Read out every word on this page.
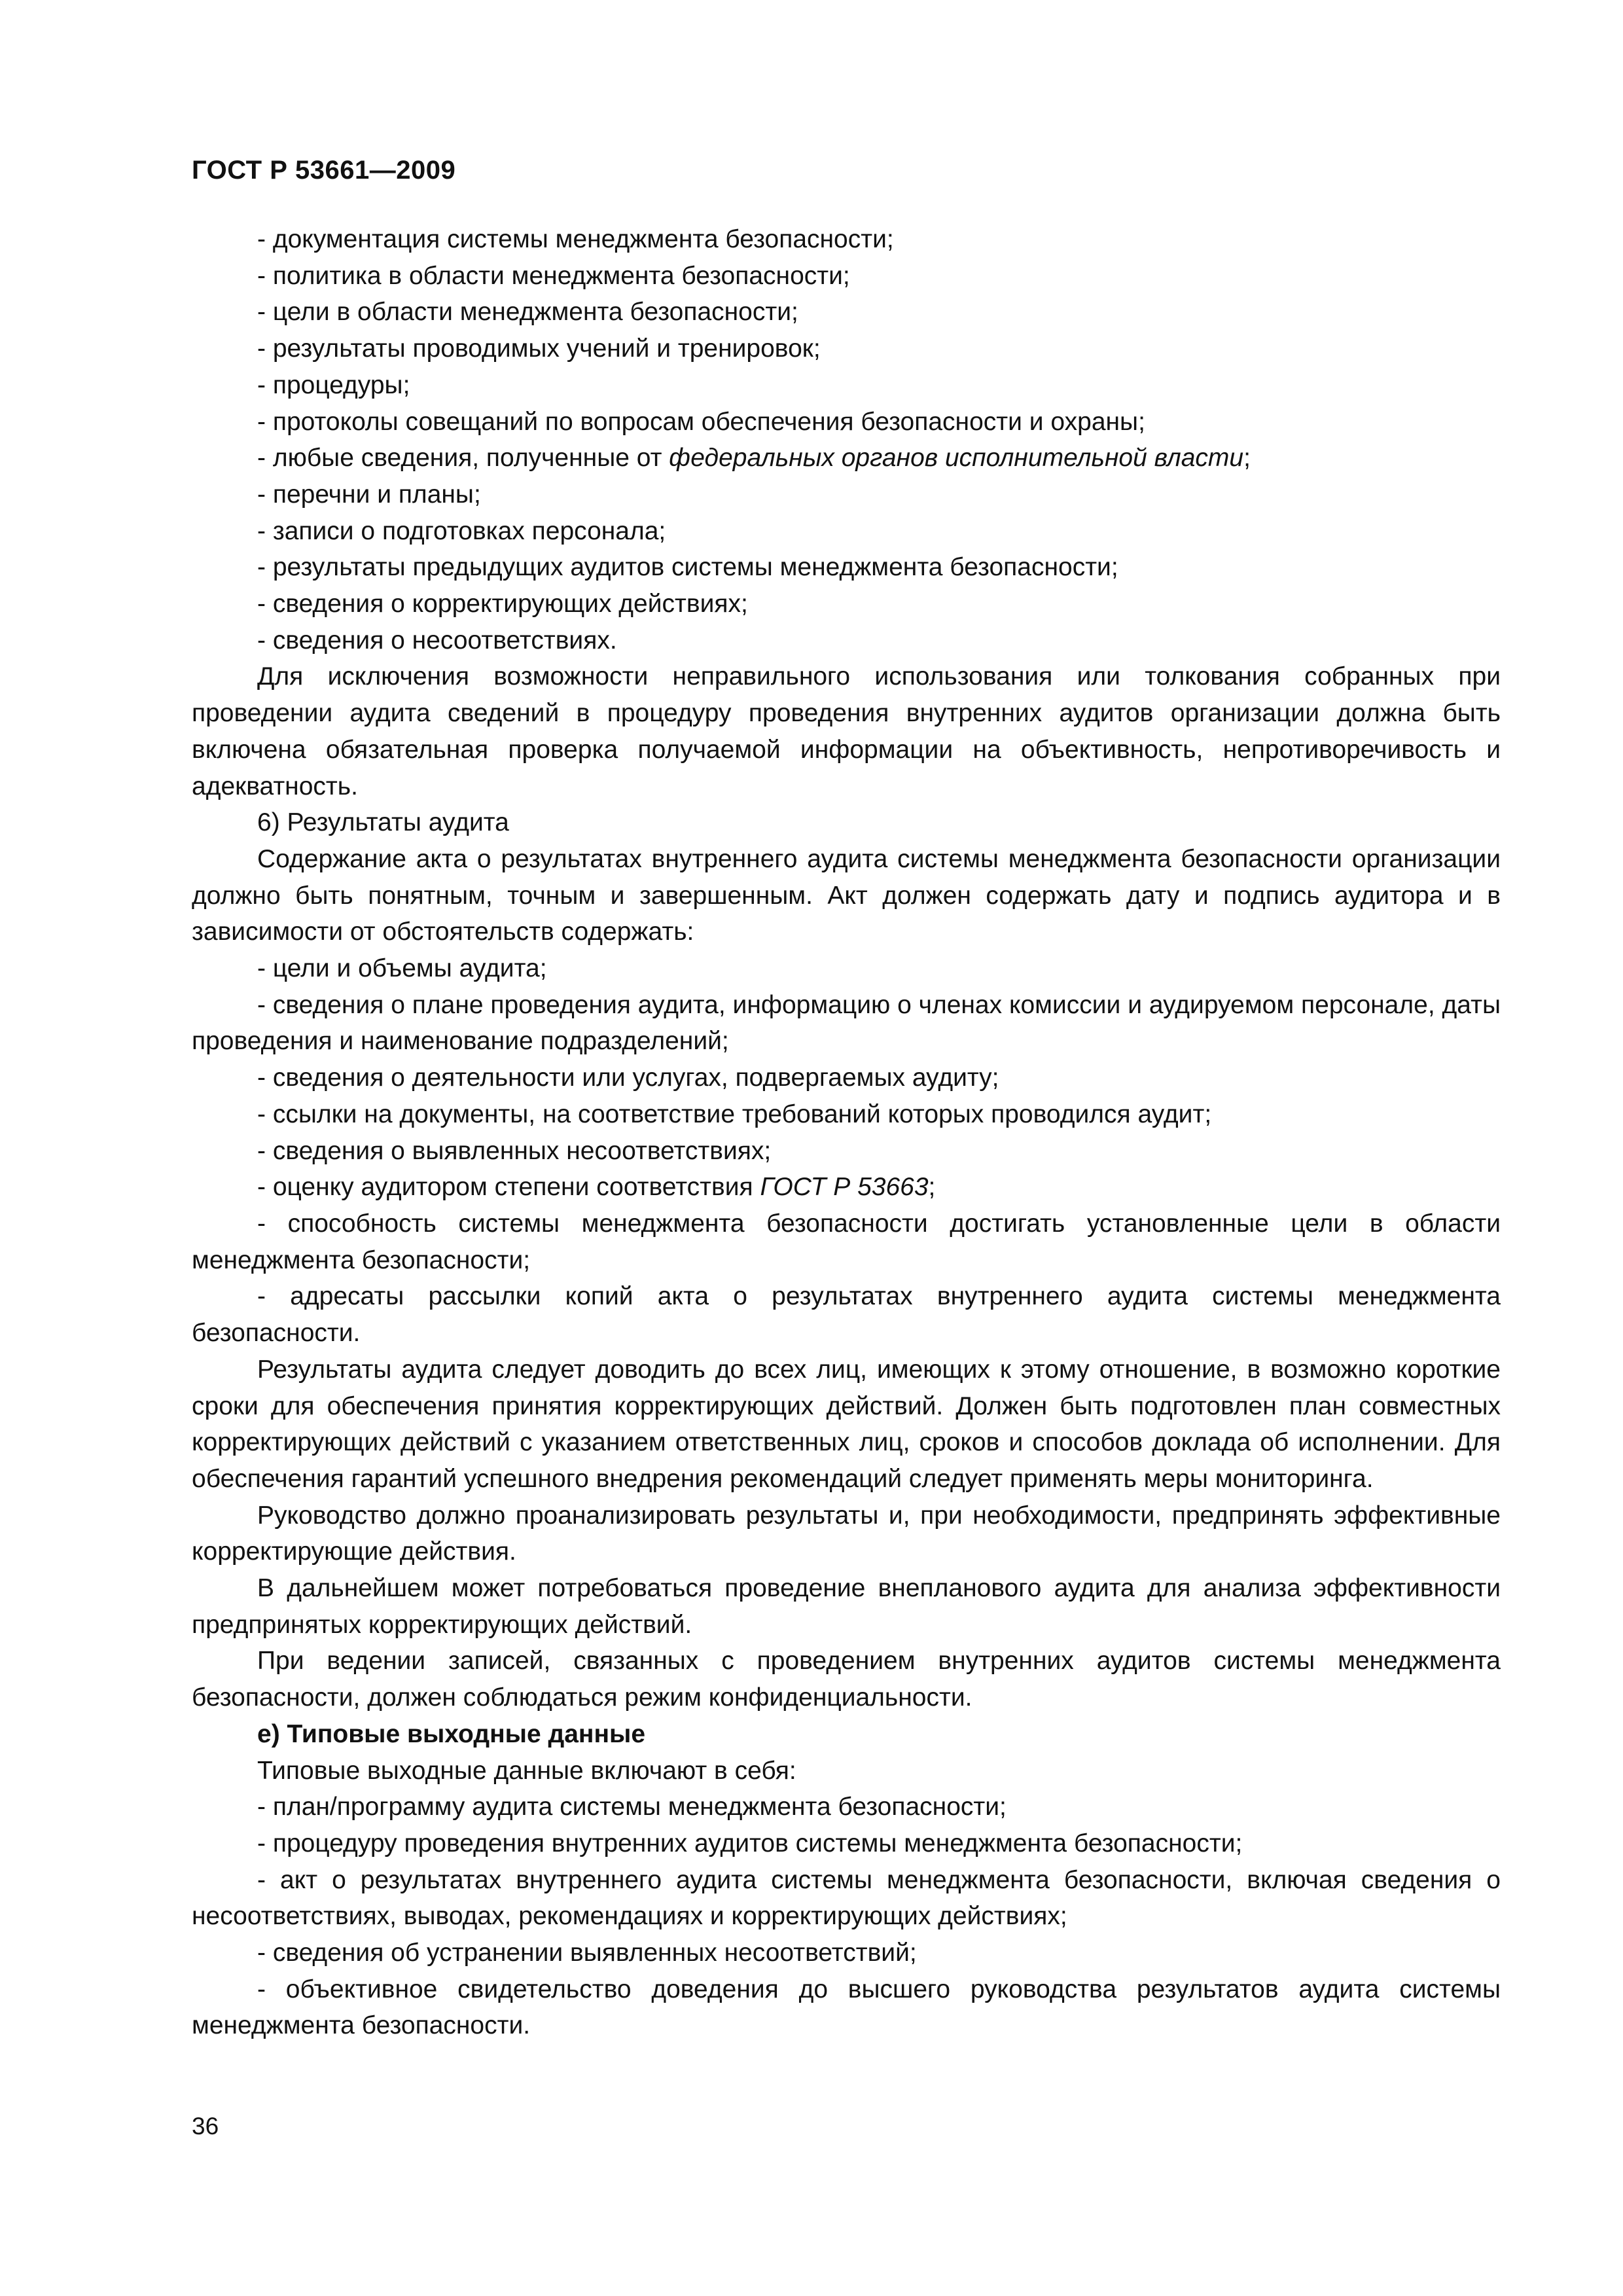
ГОСТ Р 53661—2009

- документация системы менеджмента безопасности;

- политика в области менеджмента безопасности;

- цели в области менеджмента безопасности;

- результаты проводимых учений и тренировок;

- процедуры;

- протоколы совещаний по вопросам обеспечения безопасности и охраны;

- любые сведения, полученные от федеральных органов исполнительной власти;

- перечни и планы;

- записи о подготовках персонала;

- результаты предыдущих аудитов системы менеджмента безопасности;

- сведения о корректирующих действиях;

- сведения о несоответствиях.

Для исключения возможности неправильного использования или толкования собранных при проведении аудита сведений в процедуру проведения внутренних аудитов организации должна быть включена обязательная проверка получаемой информации на объективность, непротиворечивость и адекватность.

6) Результаты аудита

Содержание акта о результатах внутреннего аудита системы менеджмента безопасности организации должно быть понятным, точным и завершенным. Акт должен содержать дату и подпись аудитора и в зависимости от обстоятельств содержать:

- цели и объемы аудита;

- сведения о плане проведения аудита, информацию о членах комиссии и аудируемом персонале, даты проведения и наименование подразделений;

- сведения о деятельности или услугах, подвергаемых аудиту;

- ссылки на документы, на соответствие требований которых проводился аудит;

- сведения о выявленных несоответствиях;

- оценку аудитором степени соответствия ГОСТ Р 53663;

- способность системы менеджмента безопасности достигать установленные цели в области менеджмента безопасности;

- адресаты рассылки копий акта о результатах внутреннего аудита системы менеджмента безопасности.

Результаты аудита следует доводить до всех лиц, имеющих к этому отношение, в возможно короткие сроки для обеспечения принятия корректирующих действий. Должен быть подготовлен план совместных корректирующих действий с указанием ответственных лиц, сроков и способов доклада об исполнении. Для обеспечения гарантий успешного внедрения рекомендаций следует применять меры мониторинга.

Руководство должно проанализировать результаты и, при необходимости, предпринять эффективные корректирующие действия.

В дальнейшем может потребоваться проведение внепланового аудита для анализа эффективности предпринятых корректирующих действий.

При ведении записей, связанных с проведением внутренних аудитов системы менеджмента безопасности, должен соблюдаться режим конфиденциальности.

е) Типовые выходные данные

Типовые выходные данные включают в себя:

- план/программу аудита системы менеджмента безопасности;

- процедуру проведения внутренних аудитов системы менеджмента безопасности;

- акт о результатах внутреннего аудита системы менеджмента безопасности, включая сведения о несоответствиях, выводах, рекомендациях и корректирующих действиях;

- сведения об устранении выявленных несоответствий;

- объективное свидетельство доведения до высшего руководства результатов аудита системы менеджмента безопасности.

36
